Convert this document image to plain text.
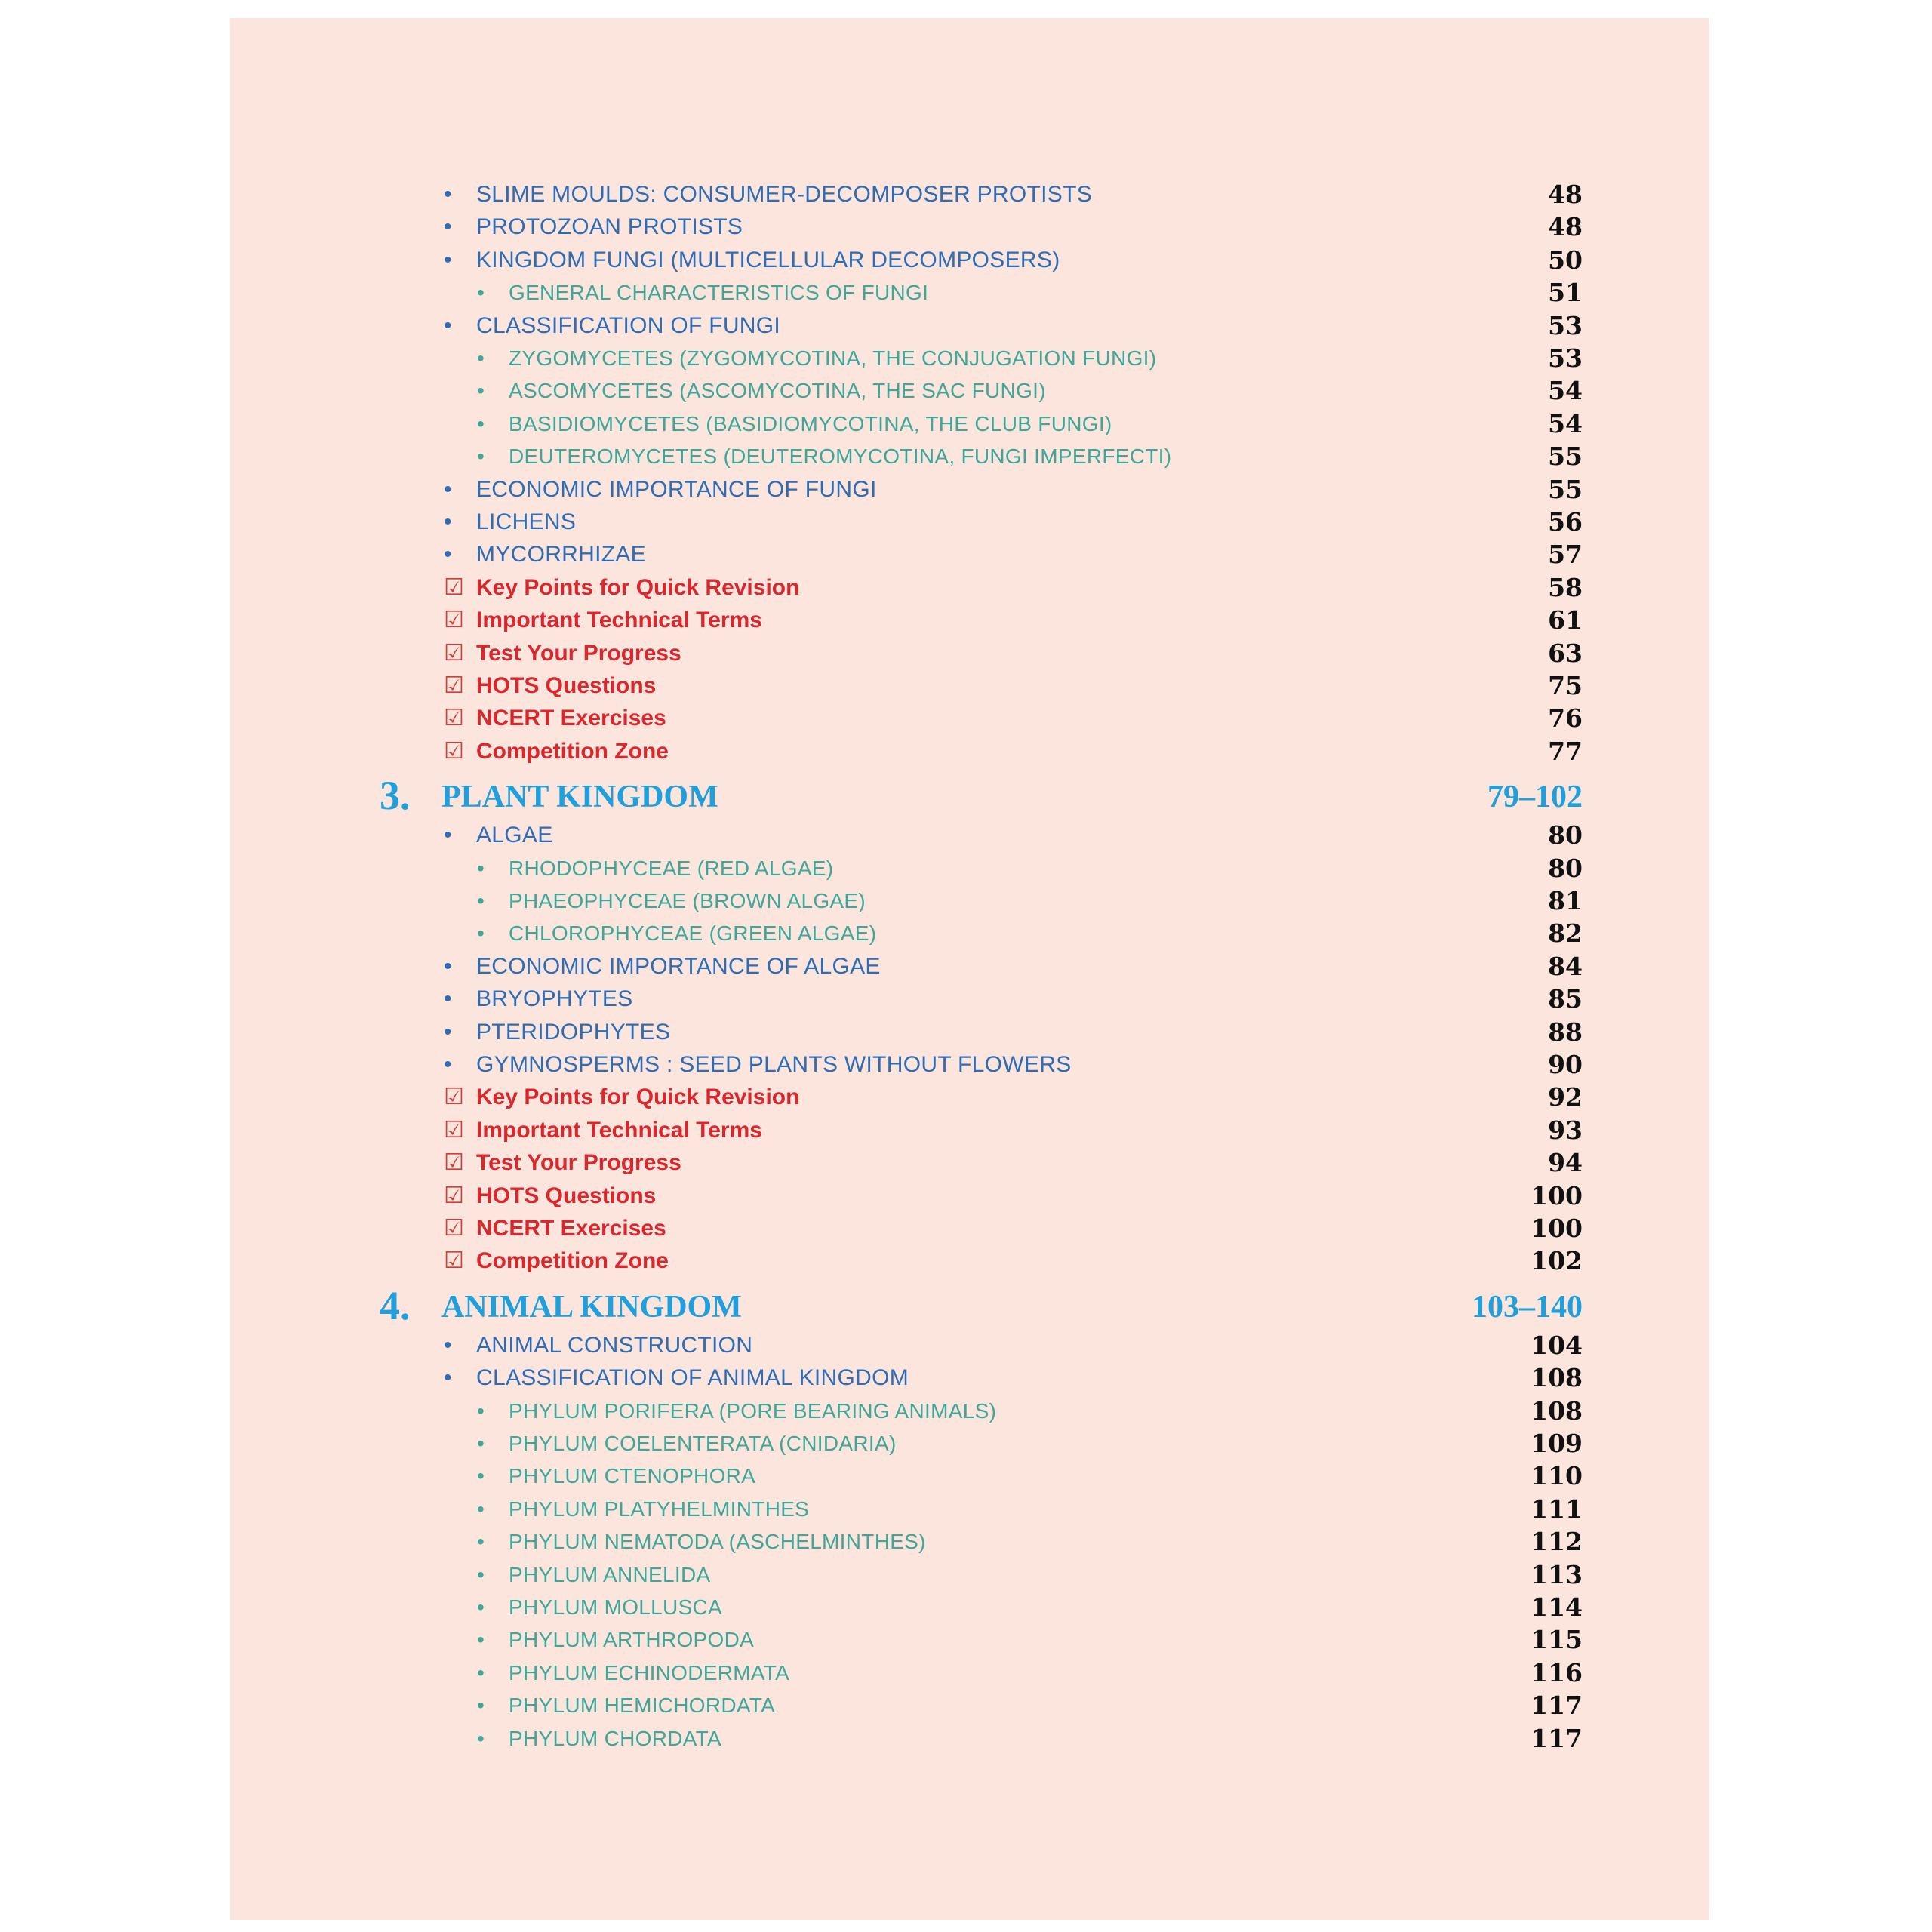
•	SLIME MOULDS: CONSUMER-DECOMPOSER PROTISTS	48
•	PROTOZOAN PROTISTS	48
•	KINGDOM FUNGI (MULTICELLULAR DECOMPOSERS)	50
•	GENERAL CHARACTERISTICS OF FUNGI	51
•	CLASSIFICATION OF FUNGI	53
•	ZYGOMYCETES (ZYGOMYCOTINA, THE CONJUGATION FUNGI)	53
•	ASCOMYCETES (ASCOMYCOTINA, THE SAC FUNGI)	54
•	BASIDIOMYCETES (BASIDIOMYCOTINA, THE CLUB FUNGI)	54
•	DEUTEROMYCETES (DEUTEROMYCOTINA, FUNGI IMPERFECTI)	55
•	ECONOMIC IMPORTANCE OF FUNGI	55
•	LICHENS	56
•	MYCORRHIZAE	57
☑ Key Points for Quick Revision	58
☑ Important Technical Terms	61
☑ Test Your Progress	63
☑ HOTS Questions	75
☑ NCERT Exercises	76
☑ Competition Zone	77
3. PLANT KINGDOM	79–102
•	ALGAE	80
•	RHODOPHYCEAE (RED ALGAE)	80
•	PHAEOPHYCEAE (BROWN ALGAE)	81
•	CHLOROPHYCEAE (GREEN ALGAE)	82
•	ECONOMIC IMPORTANCE OF ALGAE	84
•	BRYOPHYTES	85
•	PTERIDOPHYTES	88
•	GYMNOSPERMS : SEED PLANTS WITHOUT FLOWERS	90
☑ Key Points for Quick Revision	92
☑ Important Technical Terms	93
☑ Test Your Progress	94
☑ HOTS Questions	100
☑ NCERT Exercises	100
☑ Competition Zone	102
4. ANIMAL KINGDOM	103–140
•	ANIMAL CONSTRUCTION	104
•	CLASSIFICATION OF ANIMAL KINGDOM	108
•	PHYLUM PORIFERA (PORE BEARING ANIMALS)	108
•	PHYLUM COELENTERATA (CNIDARIA)	109
•	PHYLUM CTENOPHORA	110
•	PHYLUM PLATYHELMINTHES	111
•	PHYLUM NEMATODA (ASCHELMINTHES)	112
•	PHYLUM ANNELIDA	113
•	PHYLUM MOLLUSCA	114
•	PHYLUM ARTHROPODA	115
•	PHYLUM ECHINODERMATA	116
•	PHYLUM HEMICHORDATA	117
•	PHYLUM CHORDATA	117
